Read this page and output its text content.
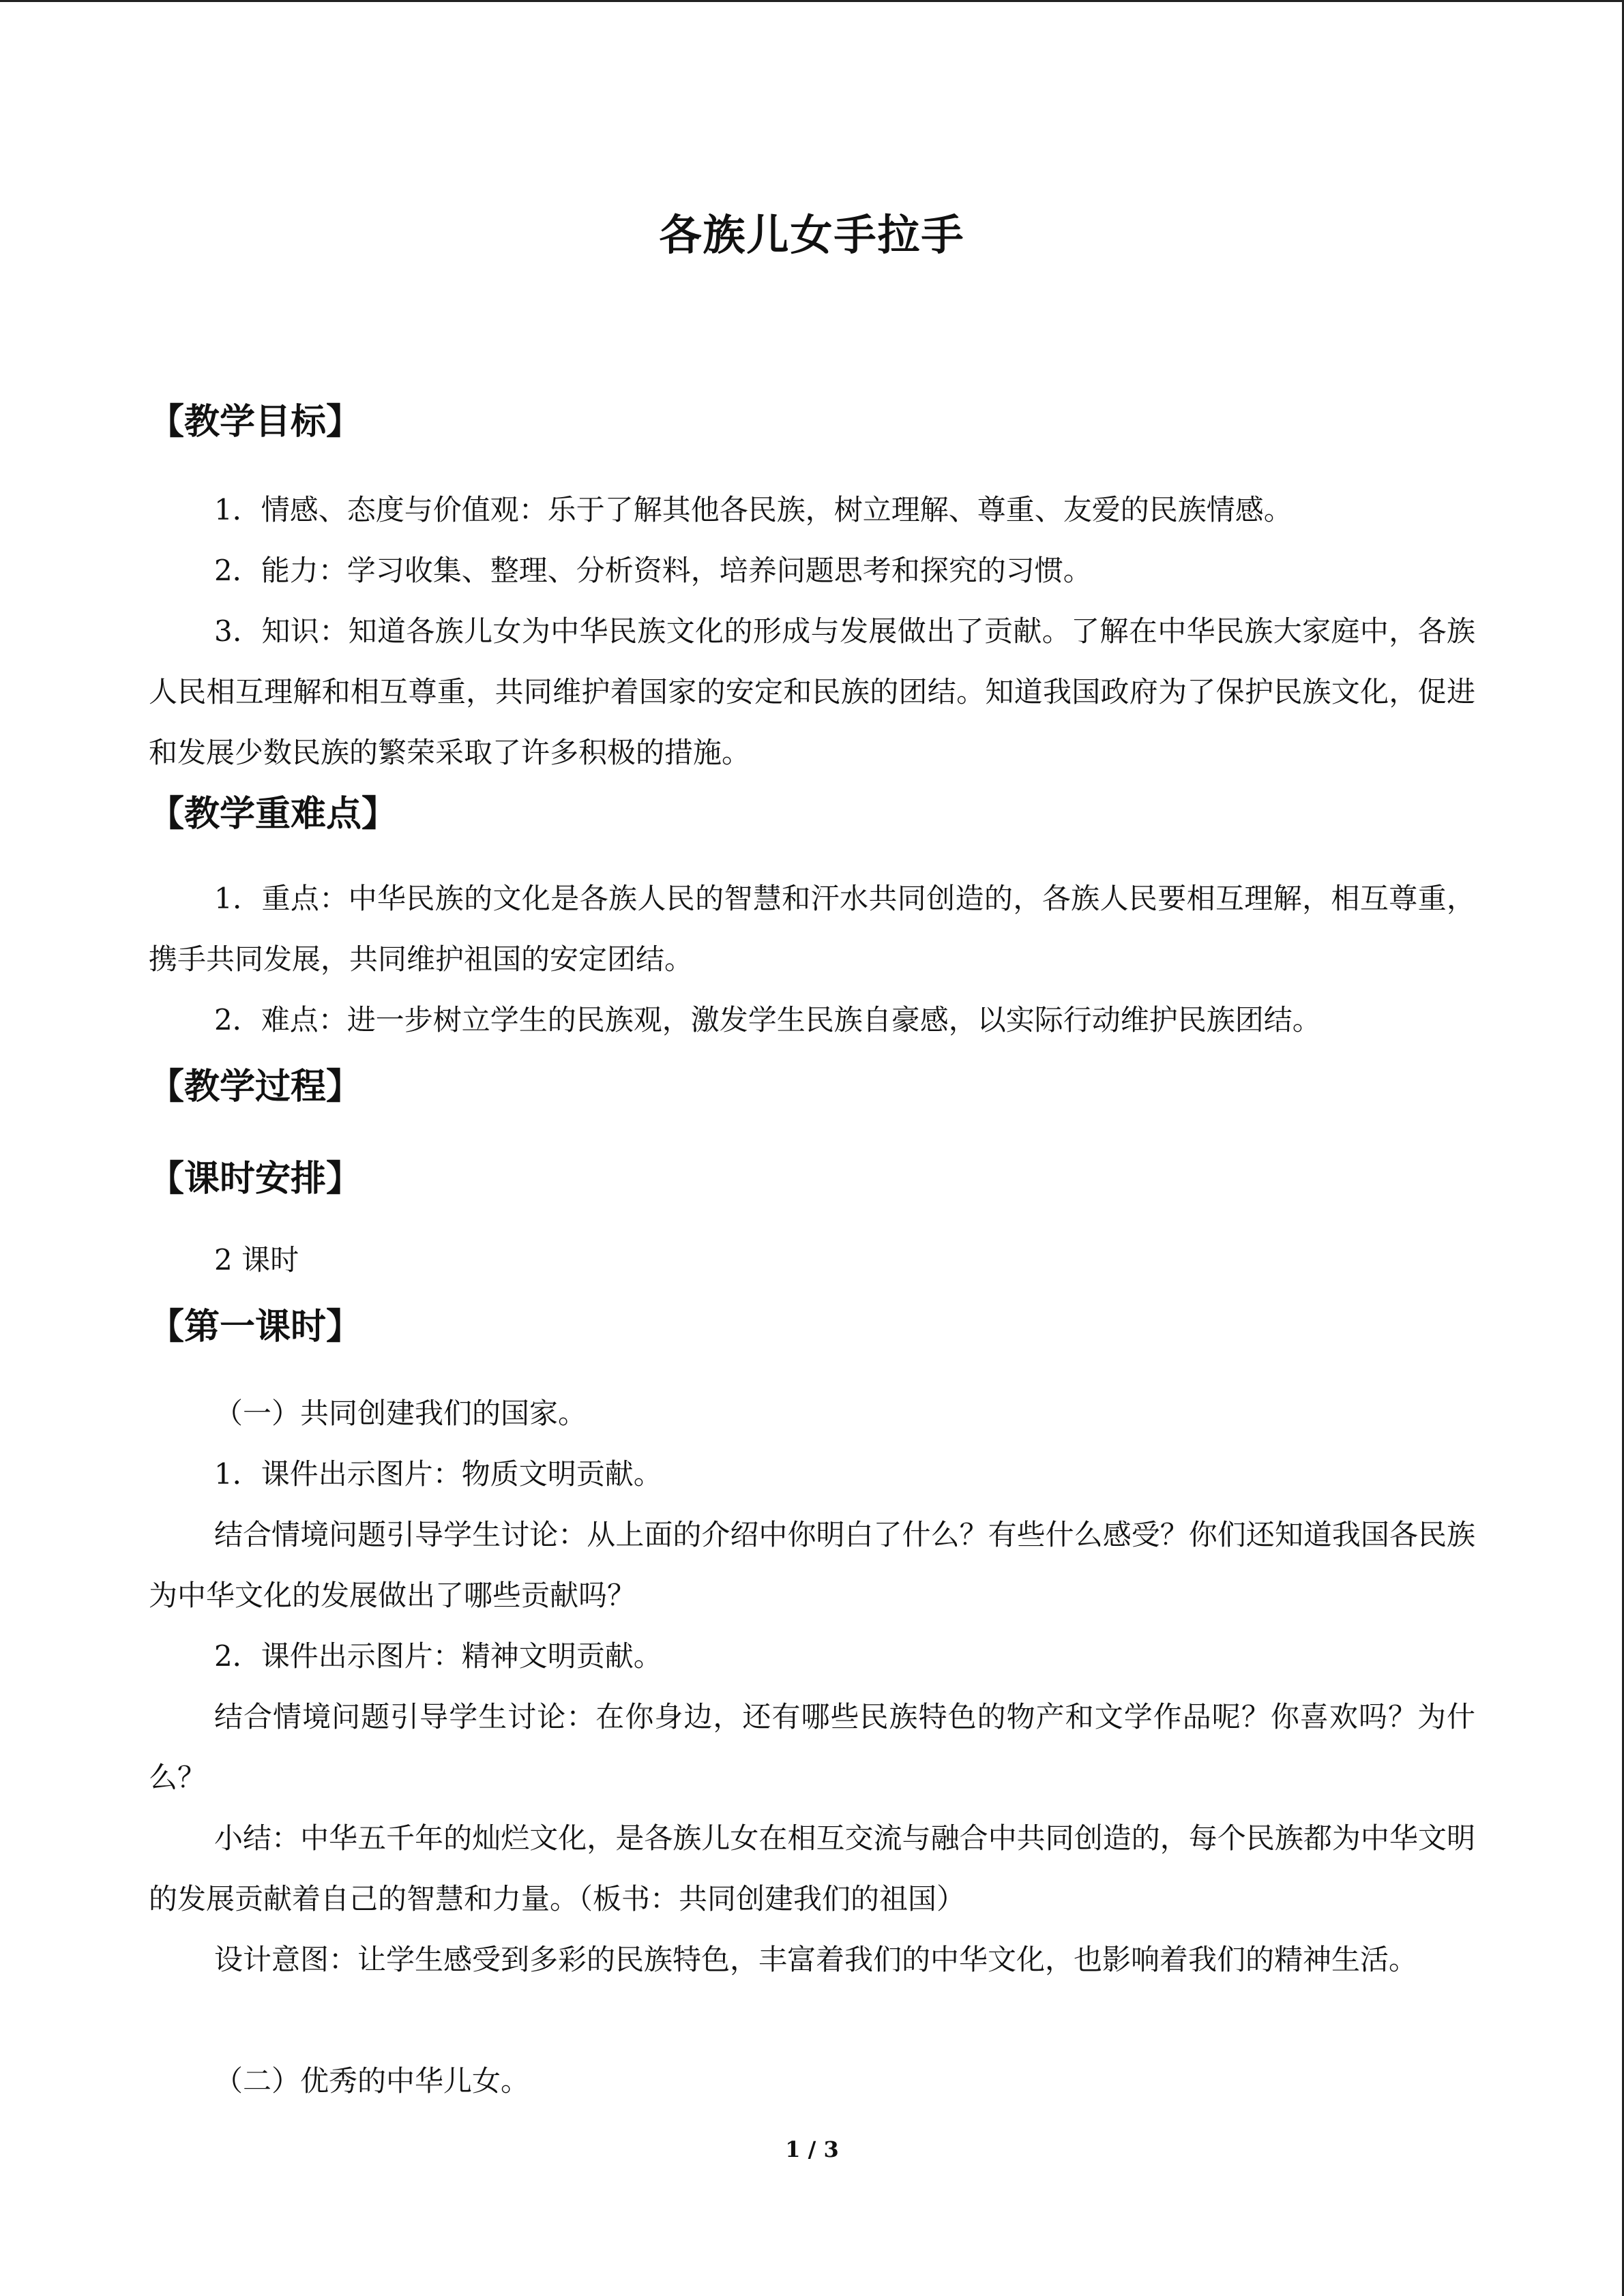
各族儿女手拉手
【教学目标】
1．情感、态度与价值观：乐于了解其他各民族，树立理解、尊重、友爱的民族情感。
2．能力：学习收集、整理、分析资料，培养问题思考和探究的习惯。
3．知识：知道各族儿女为中华民族文化的形成与发展做出了贡献。了解在中华民族大家庭中，各族人民相互理解和相互尊重，共同维护着国家的安定和民族的团结。知道我国政府为了保护民族文化，促进和发展少数民族的繁荣采取了许多积极的措施。
【教学重难点】
1．重点：中华民族的文化是各族人民的智慧和汗水共同创造的，各族人民要相互理解，相互尊重，携手共同发展，共同维护祖国的安定团结。
2．难点：进一步树立学生的民族观，激发学生民族自豪感，以实际行动维护民族团结。
【教学过程】
【课时安排】
2 课时
【第一课时】
（一）共同创建我们的国家。
1．课件出示图片：物质文明贡献。
结合情境问题引导学生讨论：从上面的介绍中你明白了什么？有些什么感受？你们还知道我国各民族为中华文化的发展做出了哪些贡献吗？
2．课件出示图片：精神文明贡献。
结合情境问题引导学生讨论：在你身边，还有哪些民族特色的物产和文学作品呢？你喜欢吗？为什么？
小结：中华五千年的灿烂文化，是各族儿女在相互交流与融合中共同创造的，每个民族都为中华文明的发展贡献着自己的智慧和力量。（板书：共同创建我们的祖国）
设计意图：让学生感受到多彩的民族特色，丰富着我们的中华文化，也影响着我们的精神生活。
（二）优秀的中华儿女。
1 / 3
